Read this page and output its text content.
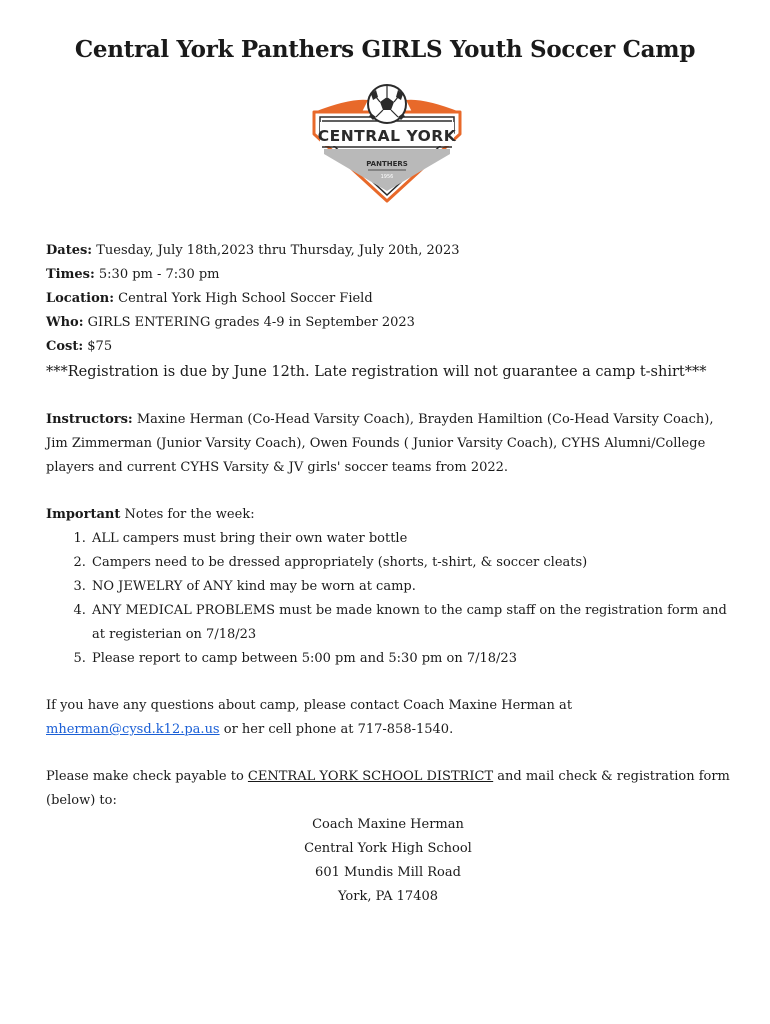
Central York Panthers GIRLS Youth Soccer Camp
CENTRAL YORK
PANTHERS
1956
Dates: Tuesday, July 18th,2023 thru Thursday, July 20th, 2023
Times: 5:30 pm - 7:30 pm
Location: Central York High School Soccer Field
Who: GIRLS ENTERING grades 4-9 in September 2023
Cost: $75
***Registration is due by June 12th. Late registration will not guarantee a camp t-shirt***
Instructors: Maxine Herman (Co-Head Varsity Coach), Brayden Hamiltion (Co-Head Varsity Coach), Jim Zimmerman (Junior Varsity Coach), Owen Founds ( Junior Varsity Coach), CYHS Alumni/College players and current CYHS Varsity & JV girls' soccer teams from 2022.
Important Notes for the week:
1. ALL campers must bring their own water bottle
2. Campers need to be dressed appropriately (shorts, t-shirt, & soccer cleats)
3. NO JEWELRY of ANY kind may be worn at camp.
4. ANY MEDICAL PROBLEMS must be made known to the camp staff on the registration form and at registerian on 7/18/23
5. Please report to camp between 5:00 pm and 5:30 pm on 7/18/23
If you have any questions about camp, please contact Coach Maxine Herman at
mherman@cysd.k12.pa.us or her cell phone at 717-858-1540.
Please make check payable to CENTRAL YORK SCHOOL DISTRICT and mail check & registration form (below) to:
Coach Maxine Herman
Central York High School
601 Mundis Mill Road
York, PA 17408
